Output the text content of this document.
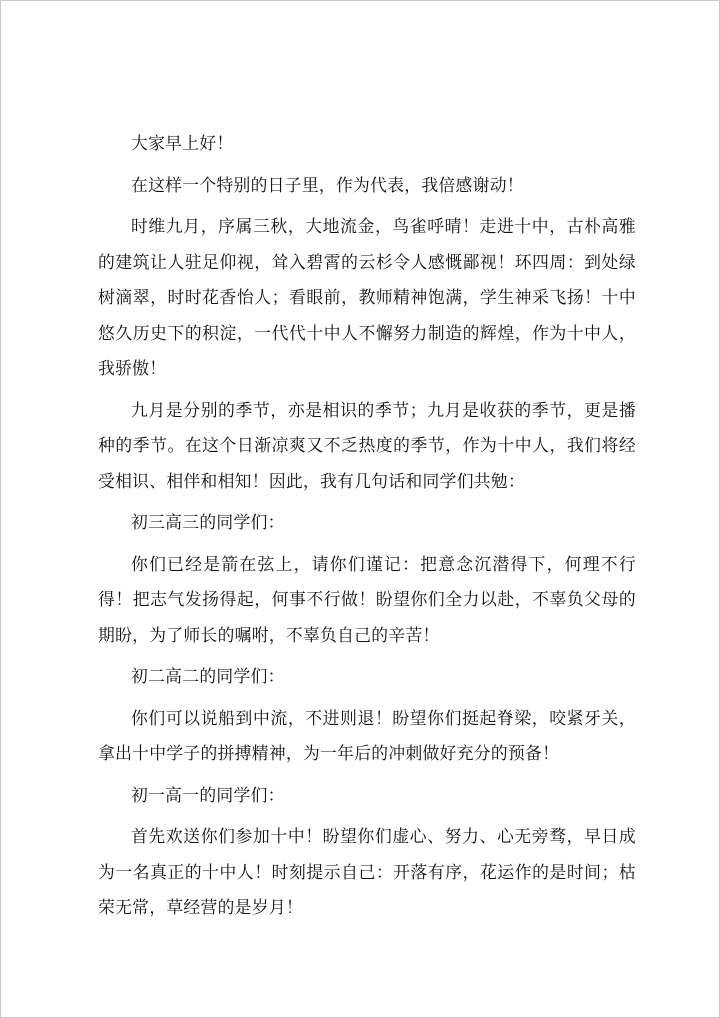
大家早上好！

在这样一个特别的日子里，作为代表，我倍感谢动！

时维九月，序属三秋，大地流金，鸟雀呼晴！走进十中，古朴高雅的建筑让人驻足仰视，耸入碧霄的云杉令人感慨鄙视！环四周：到处绿树滴翠，时时花香怡人；看眼前，教师精神饱满，学生神采飞扬！十中悠久历史下的积淀，一代代十中人不懈努力制造的辉煌，作为十中人，我骄傲！

九月是分别的季节，亦是相识的季节；九月是收获的季节，更是播种的季节。在这个日渐凉爽又不乏热度的季节，作为十中人，我们将经受相识、相伴和相知！因此，我有几句话和同学们共勉：

初三高三的同学们：

你们已经是箭在弦上，请你们谨记：把意念沉潜得下，何理不行得！把志气发扬得起，何事不行做！盼望你们全力以赴，不辜负父母的期盼，为了师长的嘱咐，不辜负自己的辛苦！

初二高二的同学们：

你们可以说船到中流，不进则退！盼望你们挺起脊梁，咬紧牙关，拿出十中学子的拼搏精神，为一年后的冲刺做好充分的预备！

初一高一的同学们：

首先欢送你们参加十中！盼望你们虚心、努力、心无旁骛，早日成为一名真正的十中人！时刻提示自己：开落有序，花运作的是时间；枯荣无常，草经营的是岁月！
